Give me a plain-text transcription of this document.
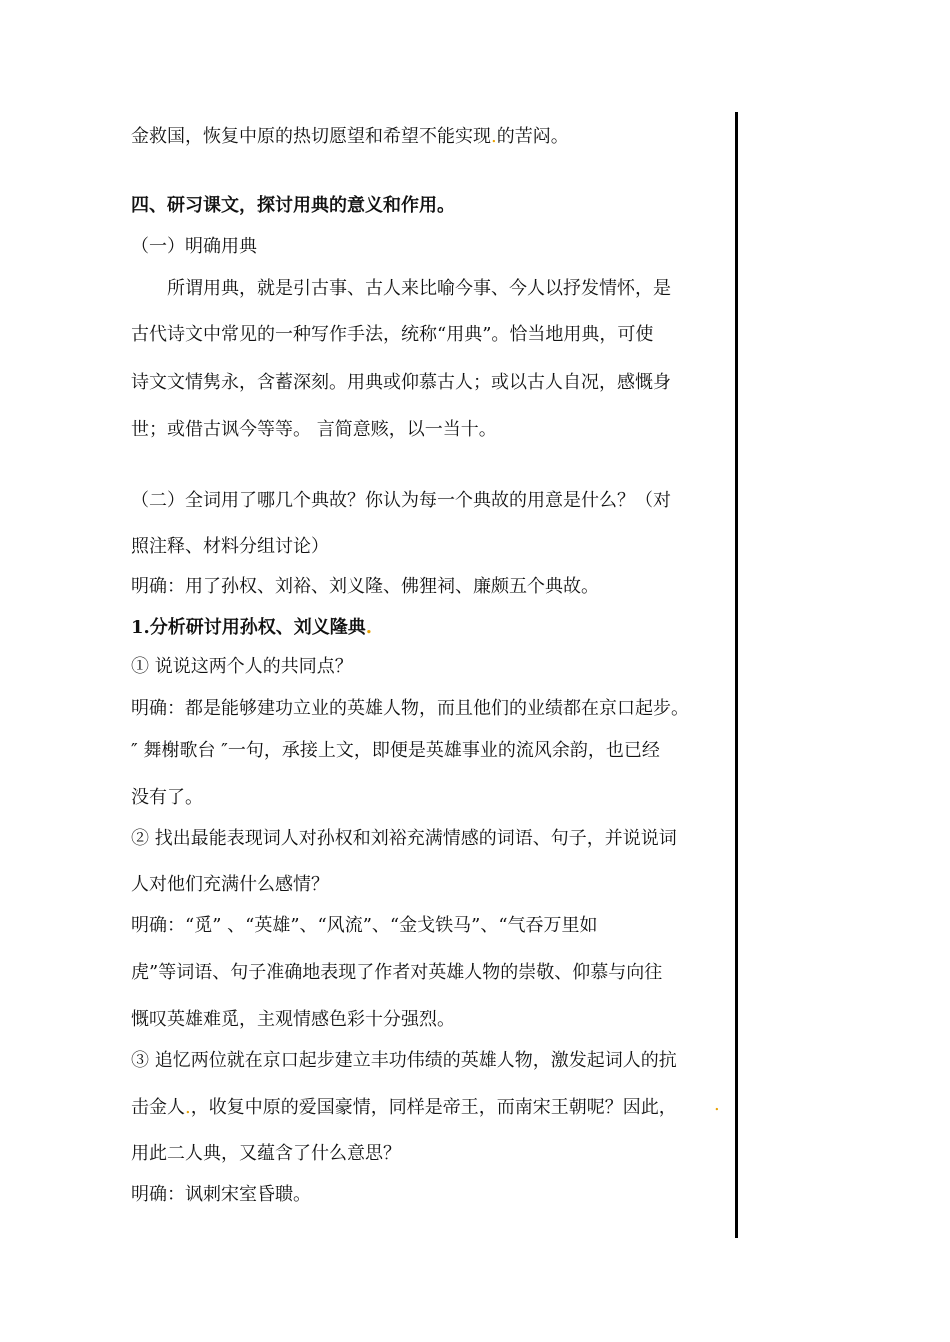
金救国，恢复中原的热切愿望和希望不能实现.的苦闷。
四、研习课文，探讨用典的意义和作用。
（一）明确用典
所谓用典，就是引古事、古人来比喻今事、今人以抒发情怀，是
古代诗文中常见的一种写作手法，统称“用典”。恰当地用典，可使
诗文文情隽永，含蓄深刻。用典或仰慕古人；或以古人自况，感慨身
世；或借古讽今等等。 言简意赅，以一当十。
（二）全词用了哪几个典故？你认为每一个典故的用意是什么？（对
照注释、材料分组讨论）
明确：用了孙权、刘裕、刘义隆、佛狸祠、廉颇五个典故。
1.分析研讨用孙权、刘义隆典.
① 说说这两个人的共同点？
明确：都是能够建功立业的英雄人物，而且他们的业绩都在京口起步。
″ 舞榭歌台 ″一句，承接上文，即便是英雄事业的流风余韵，也已经
没有了。
② 找出最能表现词人对孙权和刘裕充满情感的词语、句子，并说说词
人对他们充满什么感情？
明确：“觅” 、“英雄”、“风流”、“金戈铁马”、“气吞万里如
虎”等词语、句子准确地表现了作者对英雄人物的崇敬、仰慕与向往
慨叹英雄难觅，主观情感色彩十分强烈。
③ 追忆两位就在京口起步建立丰功伟绩的英雄人物，激发起词人的抗
击金人.，收复中原的爱国豪情，同样是帝王，而南宋王朝呢？因此，	.
用此二人典，又蕴含了什么意思？
明确：讽刺宋室昏聩。
